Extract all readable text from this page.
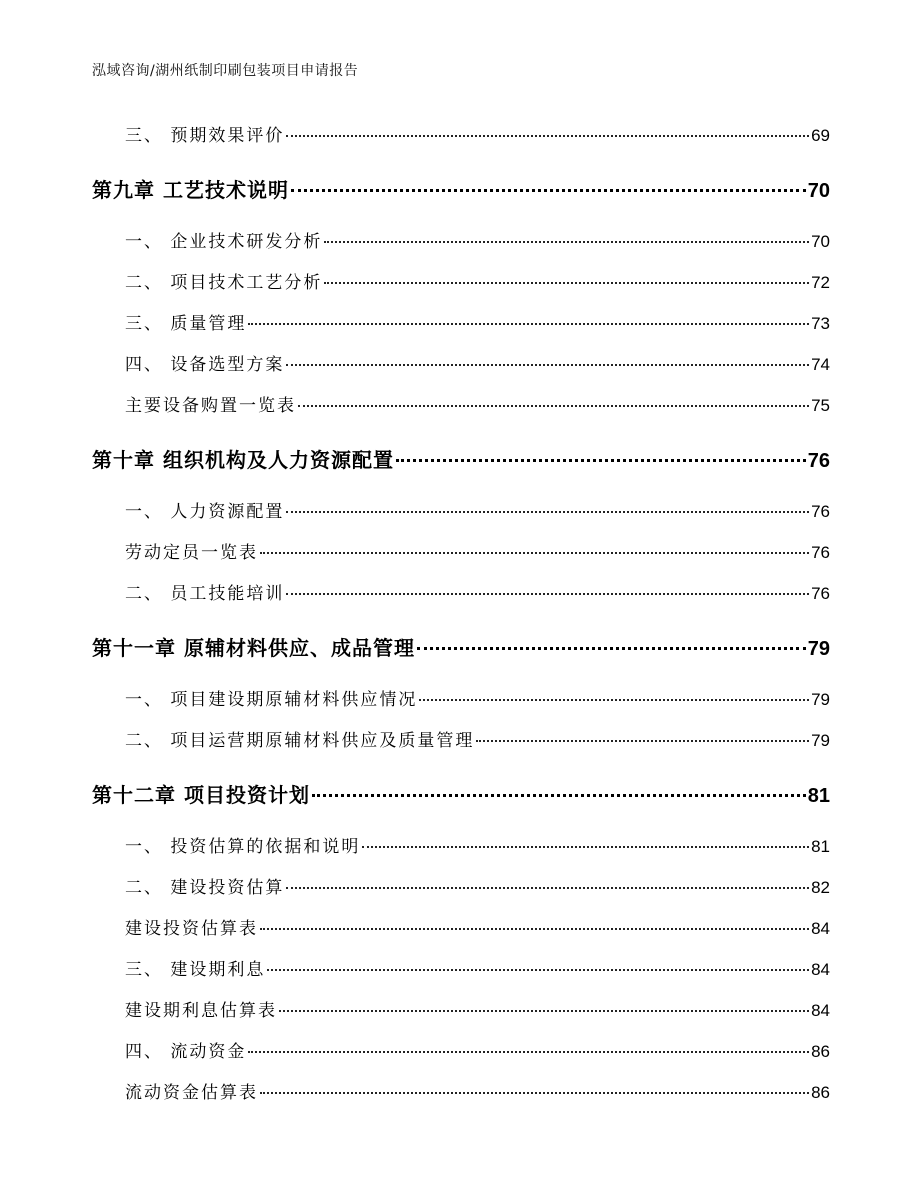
泓域咨询/湖州纸制印刷包装项目申请报告
三、 预期效果评价	69
第九章 工艺技术说明	70
一、 企业技术研发分析	70
二、 项目技术工艺分析	72
三、 质量管理	73
四、 设备选型方案	74
主要设备购置一览表	75
第十章 组织机构及人力资源配置	76
一、 人力资源配置	76
劳动定员一览表	76
二、 员工技能培训	76
第十一章 原辅材料供应、成品管理	79
一、 项目建设期原辅材料供应情况	79
二、 项目运营期原辅材料供应及质量管理	79
第十二章 项目投资计划	81
一、 投资估算的依据和说明	81
二、 建设投资估算	82
建设投资估算表	84
三、 建设期利息	84
建设期利息估算表	84
四、 流动资金	86
流动资金估算表	86
